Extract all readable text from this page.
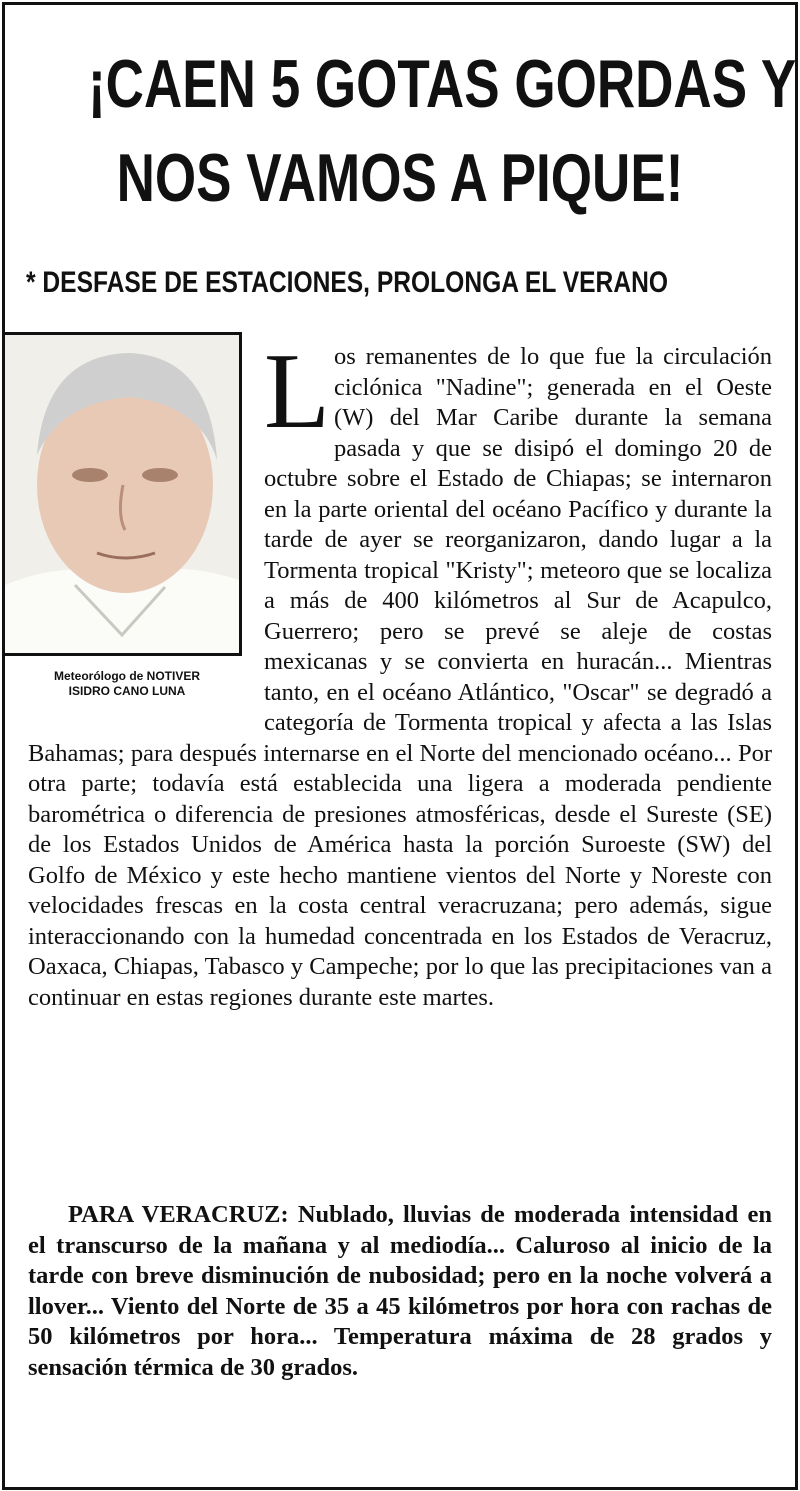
¡CAEN 5 GOTAS GORDAS Y
NOS VAMOS A PIQUE!
* DESFASE DE ESTACIONES, PROLONGA EL VERANO
Meteorólogo de NOTIVER
ISIDRO CANO LUNA
L os remanentes de lo que fue la circulación ciclónica "Nadine"; generada en el Oeste (W) del Mar Caribe durante la semana pasada y que se disipó el domingo 20 de octubre sobre el Estado de Chiapas; se internaron en la parte oriental del océano Pacífico y durante la tarde de ayer se reorganizaron, dando lugar a la Tormenta tropical "Kristy"; meteoro que se localiza a más de 400 kilómetros al Sur de Acapulco, Guerrero; pero se prevé se aleje de costas mexicanas y se convierta en huracán... Mientras tanto, en el océano Atlántico, "Oscar" se degradó a categoría de Tormenta tropical y afecta a las Islas Bahamas; para después internarse en el Norte del mencionado océano... Por otra parte; todavía está establecida una ligera a moderada pendiente barométrica o diferencia de presiones atmosféricas, desde el Sureste (SE) de los Estados Unidos de América hasta la porción Suroeste (SW) del Golfo de México y este hecho mantiene vientos del Norte y Noreste con velocidades frescas en la costa central veracruzana; pero además, sigue interaccionando con la humedad concentrada en los Estados de Veracruz, Oaxaca, Chiapas, Tabasco y Campeche; por lo que las precipitaciones van a continuar en estas regiones durante este martes.

PARA VERACRUZ: Nublado, lluvias de moderada intensidad en el transcurso de la mañana y al mediodía... Caluroso al inicio de la tarde con breve disminución de nubosidad; pero en la noche volverá a llover... Viento del Norte de 35 a 45 kilómetros por hora con rachas de 50 kilómetros por hora... Temperatura máxima de 28 grados y sensación térmica de 30 grados.
